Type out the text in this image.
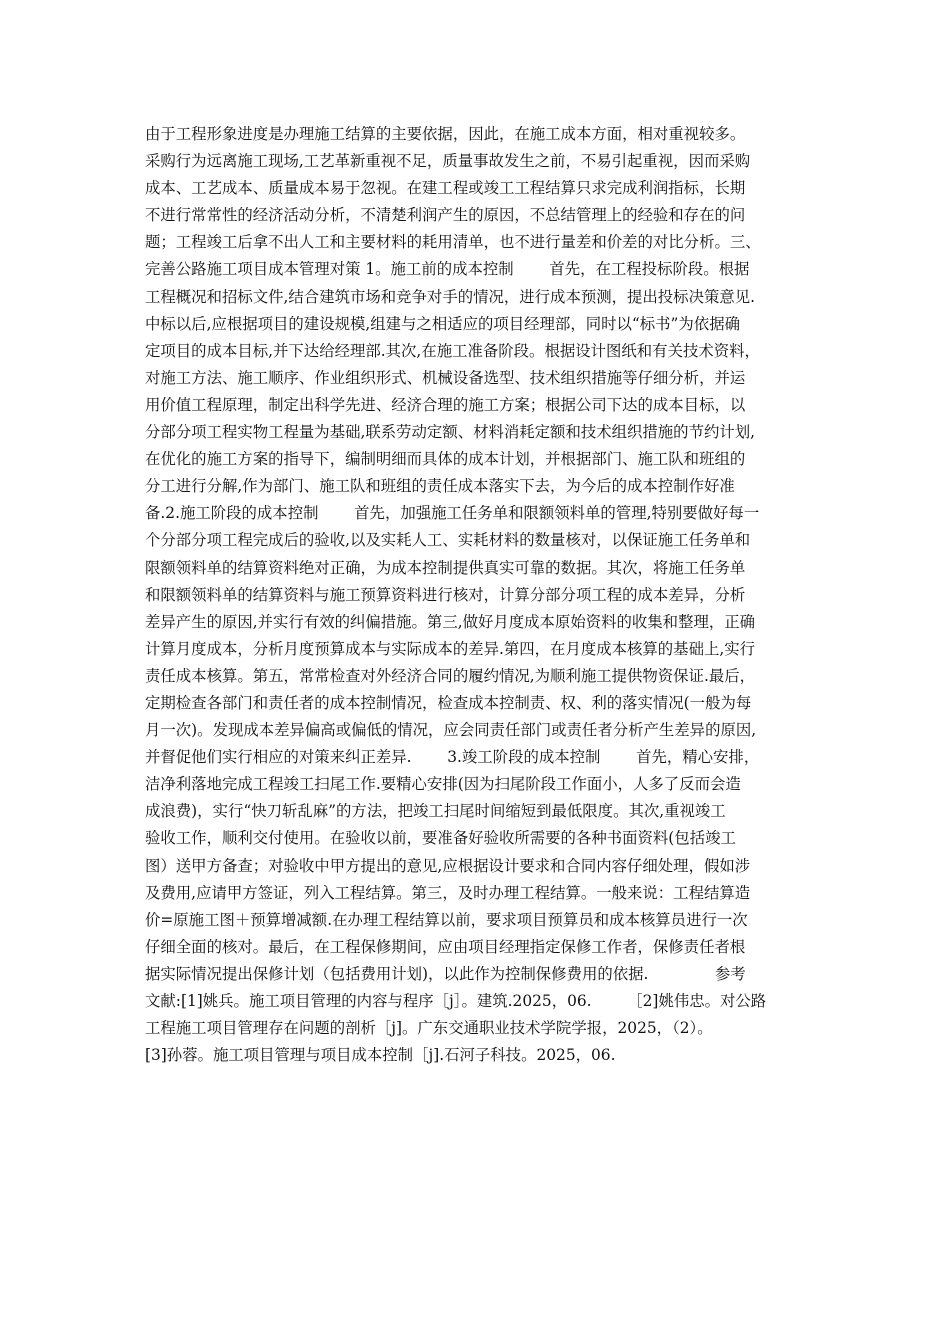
由于工程形象进度是办理施工结算的主要依据，因此，在施工成本方面，相对重视较多。
采购行为远离施工现场,工艺革新重视不足，质量事故发生之前，不易引起重视，因而采购
成本、工艺成本、质量成本易于忽视。在建工程或竣工工程结算只求完成利润指标，长期
不进行常常性的经济活动分析，不清楚利润产生的原因，不总结管理上的经验和存在的问
题；工程竣工后拿不出人工和主要材料的耗用清单，也不进行量差和价差的对比分析。三、
完善公路施工项目成本管理对策 1。施工前的成本控制　　 首先，在工程投标阶段。根据
工程概况和招标文件,结合建筑市场和竞争对手的情况，进行成本预测，提出投标决策意见.
中标以后,应根据项目的建设规模,组建与之相适应的项目经理部，同时以“标书”为依据确
定项目的成本目标,并下达给经理部.其次,在施工准备阶段。根据设计图纸和有关技术资料，
对施工方法、施工顺序、作业组织形式、机械设备选型、技术组织措施等仔细分析，并运
用价值工程原理，制定出科学先进、经济合理的施工方案；根据公司下达的成本目标，以
分部分项工程实物工程量为基础,联系劳动定额、材料消耗定额和技术组织措施的节约计划,
在优化的施工方案的指导下，编制明细而具体的成本计划，并根据部门、施工队和班组的
分工进行分解,作为部门、施工队和班组的责任成本落实下去，为今后的成本控制作好准
备.2.施工阶段的成本控制　　 首先，加强施工任务单和限额领料单的管理,特别要做好每一
个分部分项工程完成后的验收,以及实耗人工、实耗材料的数量核对，以保证施工任务单和
限额领料单的结算资料绝对正确，为成本控制提供真实可靠的数据。其次，将施工任务单
和限额领料单的结算资料与施工预算资料进行核对，计算分部分项工程的成本差异，分析
差异产生的原因,并实行有效的纠偏措施。第三,做好月度成本原始资料的收集和整理，正确
计算月度成本，分析月度预算成本与实际成本的差异.第四，在月度成本核算的基础上,实行
责任成本核算。第五，常常检查对外经济合同的履约情况,为顺利施工提供物资保证.最后，
定期检查各部门和责任者的成本控制情况，检查成本控制责、权、利的落实情况(一般为每
月一次)。发现成本差异偏高或偏低的情况，应会同责任部门或责任者分析产生差异的原因,
并督促他们实行相应的对策来纠正差异.　　 3.竣工阶段的成本控制　　 首先，精心安排，
洁净利落地完成工程竣工扫尾工作.要精心安排(因为扫尾阶段工作面小，人多了反而会造
成浪费)，实行“快刀斩乱麻”的方法，把竣工扫尾时间缩短到最低限度。其次,重视竣工
验收工作，顺利交付使用。在验收以前，要准备好验收所需要的各种书面资料(包括竣工
图）送甲方备查；对验收中甲方提出的意见,应根据设计要求和合同内容仔细处理，假如涉
及费用,应请甲方签证，列入工程结算。第三，及时办理工程结算。一般来说：工程结算造
价=原施工图＋预算增减额.在办理工程结算以前，要求项目预算员和成本核算员进行一次
仔细全面的核对。最后，在工程保修期间，应由项目经理指定保修工作者，保修责任者根
据实际情况提出保修计划（包括费用计划)，以此作为控制保修费用的依据.　　　　 参考
文献:[1]姚兵。施工项目管理的内容与程序［j］。建筑.2025，06.　　 ［2]姚伟忠。对公路
工程施工项目管理存在问题的剖析［j]。广东交通职业技术学院学报，2025，（2）。
[3]孙蓉。施工项目管理与项目成本控制［j].石河子科技。2025，06.
